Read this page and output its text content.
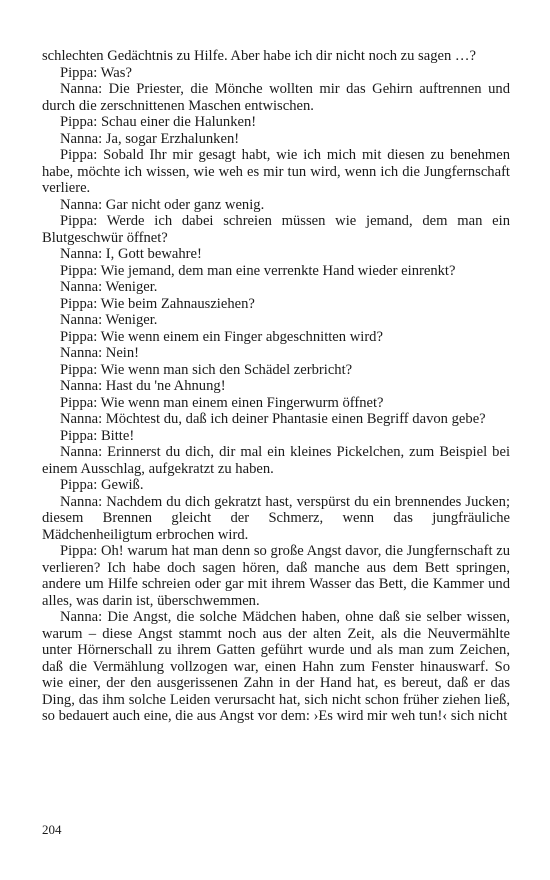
schlechten Gedächtnis zu Hilfe. Aber habe ich dir nicht noch zu sagen …?

Pippa: Was?

Nanna: Die Priester, die Mönche wollten mir das Gehirn auftrennen und durch die zerschnittenen Maschen entwischen.

Pippa: Schau einer die Halunken!

Nanna: Ja, sogar Erzhalunken!

Pippa: Sobald Ihr mir gesagt habt, wie ich mich mit diesen zu benehmen habe, möchte ich wissen, wie weh es mir tun wird, wenn ich die Jungfernschaft verliere.

Nanna: Gar nicht oder ganz wenig.

Pippa: Werde ich dabei schreien müssen wie jemand, dem man ein Blutgeschwür öffnet?

Nanna: I, Gott bewahre!

Pippa: Wie jemand, dem man eine verrenkte Hand wieder einrenkt?

Nanna: Weniger.

Pippa: Wie beim Zahnausziehen?

Nanna: Weniger.

Pippa: Wie wenn einem ein Finger abgeschnitten wird?

Nanna: Nein!

Pippa: Wie wenn man sich den Schädel zerbricht?

Nanna: Hast du 'ne Ahnung!

Pippa: Wie wenn man einem einen Fingerwurm öffnet?

Nanna: Möchtest du, daß ich deiner Phantasie einen Begriff davon gebe?

Pippa: Bitte!

Nanna: Erinnerst du dich, dir mal ein kleines Pickelchen, zum Beispiel bei einem Ausschlag, aufgekratzt zu haben.

Pippa: Gewiß.

Nanna: Nachdem du dich gekratzt hast, verspürst du ein brennendes Jucken; diesem Brennen gleicht der Schmerz, wenn das jungfräuliche Mädchenheiligtum erbrochen wird.

Pippa: Oh! warum hat man denn so große Angst davor, die Jungfernschaft zu verlieren? Ich habe doch sagen hören, daß manche aus dem Bett springen, andere um Hilfe schreien oder gar mit ihrem Wasser das Bett, die Kammer und alles, was darin ist, überschwemmen.

Nanna: Die Angst, die solche Mädchen haben, ohne daß sie selber wissen, warum – diese Angst stammt noch aus der alten Zeit, als die Neuvermählte unter Hörnerschall zu ihrem Gatten geführt wurde und als man zum Zeichen, daß die Vermählung vollzogen war, einen Hahn zum Fenster hinauswarf. So wie einer, der den ausgerissenen Zahn in der Hand hat, es bereut, daß er das Ding, das ihm solche Leiden verursacht hat, sich nicht schon früher ziehen ließ, so bedauert auch eine, die aus Angst vor dem: ›Es wird mir weh tun!‹ sich nicht

204
